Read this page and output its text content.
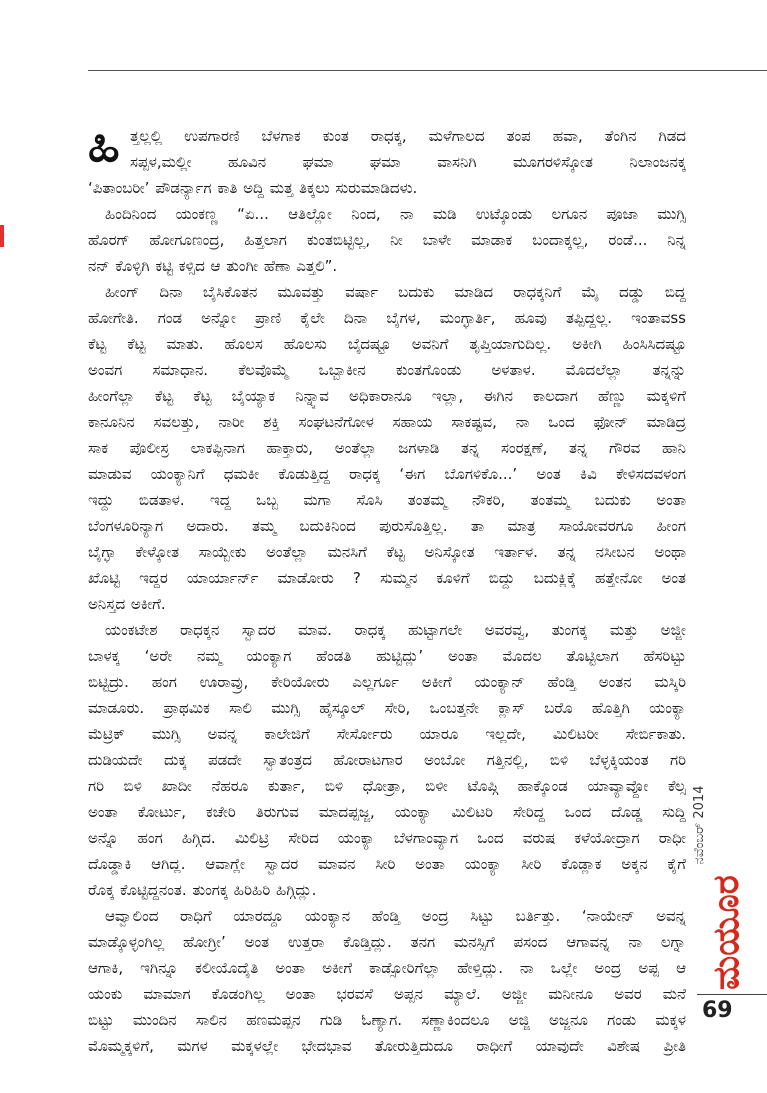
ಹಿ ತ್ತಲ್ಲಲ್ಲಿ ಉಪಗಾರಣಿ ಬೆಳಗಾಕ ಕುಂತ ರಾಧಕ್ಕ, ಮಳೆಗಾಲದ ತಂಪ ಹವಾ, ತೆಂಗಿನ ಗಿಡದ
ಸಪ್ಪಳ,ಮಲ್ಲೀ ಹೂವಿನ ಘಮಾ ಘಮಾ ವಾಸನಿಗಿ ಮೂಗರಳಿಸ್ಕೋತ ನಿಲಾಂಜನಕ್ಕ
‘ಪಿತಾಂಬರೀ’ ಪೌಡರ್ನ್ಯಾಗ ಕಾತಿ ಅದ್ದಿ ಮತ್ತ ತಿಕ್ಕಲು ಸುರುಮಾಡಿದಳು.
ಹಿಂದಿನಿಂದ ಯಂಕಣ್ಣ “ಏ... ಆತಿಲ್ಲೋ ನಿಂದ, ನಾ ಮಡಿ ಉಟ್ಕೊಂಡು ಲಗೂನ ಪೂಜಾ ಮುಗ್ಸಿ
ಹೊರಗ್ ಹೋಗೂಣಂದ್ರ, ಹಿತ್ತಲಾಗ ಕುಂತಬಿಟ್ಟಿಲ್ಲ, ನೀ ಬಾಳೇ ಮಾಡಾಕ ಬಂದಾಕ್ಕಲ್ಲ, ರಂಡೆ... ನಿನ್ನ
ನನ್ ಕೊಳ್ಳಿಗಿ ಕಟ್ಟಿ ಕಳ್ಸಿದ ಆ ತುಂಗೀ ಹೆಣಾ ಎತ್ತಲಿ”.
ಹೀಂಗ್ ದಿನಾ ಬೈಸಿಕೊತನ ಮೂವತ್ತು ವರ್ಷಾ ಬದುಕು ಮಾಡಿದ ರಾಧಕ್ಕನಿಗೆ ಮೈ ದಡ್ಡು ಬಿದ್ದ
ಹೋಗೇತಿ. ಗಂಡ ಅನ್ನೋ ಪ್ರಾಣಿ ಕೈಲೇ ದಿನಾ ಬೈಗಳ, ಮಂಗ್ಳಾರ್ತಿ, ಹೂವು ತಪ್ಪಿದ್ದಲ್ಲ. ಇಂತಾವss
ಕೆಟ್ಟ ಕೆಟ್ಟ ಮಾತು. ಹೊಲಸ ಹೊಲಸು ಬೈದಷ್ಟೂ ಅವನಿಗೆ ತೃಪ್ತಿಯಾಗುದಿಲ್ಲ. ಅಕೀಗಿ ಹಿಂಸಿಸಿದಷ್ಟೂ
ಅಂವಗ ಸಮಾಧಾನ. ಕೆಲವೊಮ್ಮೆ ಒಬ್ಬಾಕೀನ ಕುಂತಗೊಂಡು ಅಳತಾಳ. ಮೊದಲೆಲ್ಲಾ ತನ್ನನ್ನು
ಹೀಂಗೆಲ್ಲಾ ಕೆಟ್ಟ ಕೆಟ್ಟ ಬೈಯ್ಯಾಕ ನಿನ್ನ್ಯಾವ ಅಧಿಕಾರಾನೂ ಇಲ್ಲಾ, ಈಗಿನ ಕಾಲದಾಗ ಹೆಣ್ಣು ಮಕ್ಕಳಿಗೆ
ಕಾನೂನಿನ ಸವಲತ್ತು, ನಾರೀ ಶಕ್ತಿ ಸಂಘಟನೆಗೋಳ ಸಹಾಯ ಸಾಕಷ್ಟವ, ನಾ ಒಂದ ಫೋನ್ ಮಾಡಿದ್ರ
ಸಾಕ ಪೊಲೀಸ್ರ ಲಾಕಪ್ಪಿನಾಗ ಹಾಕ್ತಾರು, ಅಂತೆಲ್ಲಾ ಜಗಳಾಡಿ ತನ್ನ ಸಂರಕ್ಷಣೆ, ತನ್ನ ಗೌರವ ಹಾನಿ
ಮಾಡುವ ಯಂಕ್ಯಾನಿಗೆ ಧಮಕೀ ಕೊಡುತ್ತಿದ್ದ ರಾಧಕ್ಕ ‘ಈಗ ಬೊಗಳಿಕೊ...’ ಅಂತ ಕಿವಿ ಕೇಳಿಸದವಳಂಗ
ಇದ್ದು ಬಿಡತಾಳ. ಇದ್ದ ಒಬ್ಬ ಮಗಾ ಸೊಸಿ ತಂತಮ್ಮ ನೌಕರಿ, ತಂತಮ್ಮ ಬದುಕು ಅಂತಾ
ಬೆಂಗಳೂರಿನ್ಯಾಗ ಅದಾರು. ತಮ್ಮ ಬದುಕಿನಿಂದ ಪುರುಸೊತ್ತಿಲ್ಲ. ತಾ ಮಾತ್ರ ಸಾಯೋವರಗೂ ಹೀಂಗ
ಬೈಗ್ಳಾ ಕೇಳ್ಕೋತ ಸಾಯ್ಬೇಕು ಅಂತೆಲ್ಲಾ ಮನಸಿಗೆ ಕೆಟ್ಟ ಅನಿಸ್ಕೋತ ಇರ್ತಾಳ. ತನ್ನ ನಸೀಬನ ಅಂಥಾ
ಖೊಟ್ಟಿ ಇದ್ದರ ಯಾರ್ಯಾರ್ನ್ ಮಾಡೋರು ? ಸುಮ್ಮನ ಕೂಳಿಗೆ ಬಿದ್ದು ಬದುಕ್ಲಿಕ್ಕೆ ಹತ್ತೇನೋ ಅಂತ
ಅನಿಸ್ತದ ಅಕೀಗೆ.
ಯಂಕಟೇಶ ರಾಧಕ್ಕನ ಸ್ವಾದರ ಮಾವ. ರಾಧಕ್ಕ ಹುಟ್ಟಾಗಲೇ ಅವರವ್ವ, ತುಂಗಕ್ಕ ಮತ್ತು ಅಜ್ಜೀ
ಬಾಳಕ್ಕ ‘ಅರೇ ನಮ್ಮ ಯಂಕ್ಯಾಗ ಹೆಂಡತಿ ಹುಟ್ಟಿದ್ಲು’ ಅಂತಾ ಮೊದಲ ತೊಟ್ಟಿಲಾಗ ಹೆಸರಿಟ್ಟು
ಬಿಟ್ಟಿದ್ರು. ಹಂಗ ಊರಾವ್ರು, ಕೇರಿಯೋರು ಎಲ್ಲರ್ಗೂ ಅಕೀಗೆ ಯಂಕ್ಯಾನ್ ಹೆಂಡ್ತಿ ಅಂತನ ಮಸ್ಕಿರಿ
ಮಾಡೂರು. ಪ್ರಾಥಮಿಕ ಸಾಲಿ ಮುಗ್ಸಿ ಹೈಸ್ಕೂಲ್ ಸೇರಿ, ಒಂಬತ್ತನೇ ಕ್ಲಾಸ್ ಬರೊ ಹೊತ್ತಿಗಿ ಯಂಕ್ಯಾ
ಮೆಟ್ರಿಕ್ ಮುಗ್ಸಿ ಅವನ್ನ ಕಾಲೇಜಿಗೆ ಸೇರ್ಸೋರು ಯಾರೂ ಇಲ್ಲದೇ, ಮಿಲಿಟರೀ ಸೇರ್ಬಿಕಾತು.
ದುಡಿಯದೇ ದುಕ್ಕ ಪಡದೇ ಸ್ವಾತಂತ್ರದ ಹೋರಾಟಗಾರ ಅಂಬೋ ಗತ್ತಿನಲ್ಲಿ, ಬಿಳಿ ಬೆಳ್ಳಕ್ಕಿಯಂತ ಗರಿ
ಗರಿ ಬಿಳಿ ಖಾದೀ ನೆಹರೂ ಕುರ್ತಾ, ಬಿಳಿ ಧೋತ್ರಾ, ಬಿಳೀ ಟೊಪ್ಗಿ ಹಾಕ್ಕೊಂಡ ಯಾವ್ಯಾವ್ದೋ ಕೆಲ್ಸ
ಅಂತಾ ಕೋರ್ಟು, ಕಚೇರಿ ತಿರುಗುವ ಮಾದಪ್ಪಜ್ಜ, ಯಂಕ್ಯಾ ಮಿಲಿಟರಿ ಸೇರಿದ್ದ ಒಂದ ದೊಡ್ಡ ಸುದ್ದಿ
ಅನ್ನೊ ಹಂಗ ಹಿಗ್ಗಿದ. ಮಿಲಿಟ್ರಿ ಸೇರಿದ ಯಂಕ್ಯಾ ಬೆಳಗಾಂವ್ಯಾಗ ಒಂದ ವರುಷ ಕಳೆಯೋದ್ರಾಗ ರಾಧೀ
ದೊಡ್ಡಾಕಿ ಆಗಿದ್ಲ. ಆವಾಗ್ಲೇ ಸ್ವಾದರ ಮಾವನ ಸೀರಿ ಅಂತಾ ಯಂಕ್ಯಾ ಸೀರಿ ಕೊಡ್ಲಾಕ ಅಕ್ಕನ ಕೈಗೆ
ರೊಕ್ಕ ಕೊಟ್ಟಿದ್ದನಂತ. ತುಂಗಕ್ಕ ಹಿರಿಹಿರಿ ಹಿಗ್ಗಿದ್ಲು.
ಆವ್ವಾಲಿಂದ ರಾಧಿಗೆ ಯಾರದ್ದೂ ಯಂಕ್ಯಾನ ಹೆಂಡ್ತಿ ಅಂದ್ರ ಸಿಟ್ಟು ಬರ್ತಿತ್ತು. ‘ನಾಯೇನ್ ಅವನ್ನ
ಮಾಡ್ಕೊಳ್ಳಂಗಿಲ್ಲ ಹೋಗ್ರೀ’ ಅಂತ ಉತ್ತರಾ ಕೊಡ್ತಿದ್ಲು. ತನಗ ಮನಸ್ಸಿಗೆ ಪಸಂದ ಆಗಾವನ್ನ ನಾ ಲಗ್ನಾ
ಆಗಾಕಿ, ಇಗಿನ್ನೂ ಕಲೀಯೊದೈತಿ ಅಂತಾ ಅಕೀಗೆ ಕಾಡ್ಸೋರಿಗೆಲ್ಲಾ ಹೇಳ್ತಿದ್ಲು. ನಾ ಒಲ್ಲೇ ಅಂದ್ರ ಅಪ್ಪ ಆ
ಯಂಕು ಮಾಮಾಗ ಕೊಡಂಗಿಲ್ಲ ಅಂತಾ ಭರವಸೆ ಅಪ್ಪನ ಮ್ಯಾಲೆ. ಅಜ್ಜೀ ಮನೀನೂ ಅವರ ಮನೆ
ಬಿಟ್ಟು ಮುಂದಿನ ಸಾಲಿನ ಹಣಮಪ್ಪನ ಗುಡಿ ಓಣ್ಯಾಗ. ಸಣ್ಣಾಕಿಂದಲೂ ಅಜ್ಜಿ ಅಜ್ಜನೂ ಗಂಡು ಮಕ್ಕಳ
ಮೊಮ್ಮಕ್ಕಳಿಗೆ, ಮಗಳ ಮಕ್ಕಳಲ್ಲೇ ಭೇದಭಾವ ತೋರುತ್ತಿದುದೂ ರಾಧೀಗೆ ಯಾವುದೇ ವಿಶೇಷ ಪ್ರೀತಿ
ನವೆಂಬರ್ 2014
ಮಯೂರ
69
